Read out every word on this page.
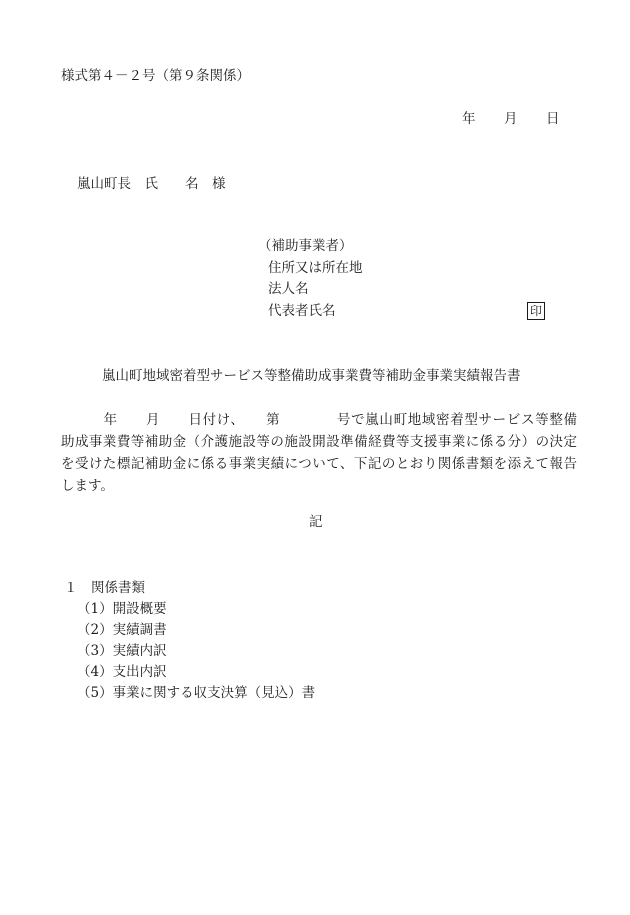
様式第４－２号（第９条関係）
年 月 日
嵐山町長　氏　　名　様
（補助事業者）
住所又は所在地
法人名
代表者氏名	印
嵐山町地域密着型サービス等整備助成事業費等補助金事業実績報告書
　　　年　　月　　日付け、　　第　　　　号で嵐山町地域密着型サービス等整備
助成事業費等補助金（介護施設等の施設開設準備経費等支援事業に係る分）の決定
を受けた標記補助金に係る事業実績について、下記のとおり関係書類を添えて報告
します。
記
１　関係書類
（1）開設概要
（2）実績調書
（3）実績内訳
（4）支出内訳
（5）事業に関する収支決算（見込）書
